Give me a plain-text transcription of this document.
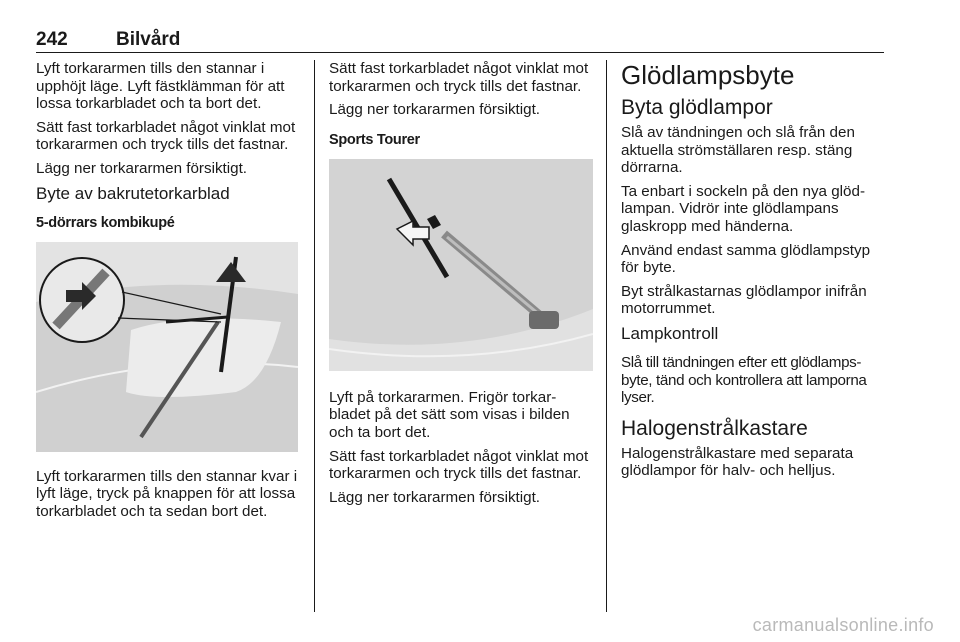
242	Bilvård

Lyft torkararmen tills den stannar i upphöjt läge. Lyft fästklämman för att lossa torkarbladet och ta bort det.

Sätt fast torkarbladet något vinklat mot torkararmen och tryck tills det fastnar.

Lägg ner torkararmen försiktigt.

Byte av bakrutetorkarblad
5-dörrars kombikupé

Lyft torkararmen tills den stannar kvar i lyft läge, tryck på knappen för att lossa torkarbladet och ta sedan bort det.

Sätt fast torkarbladet något vinklat mot torkararmen och tryck tills det fastnar.

Lägg ner torkararmen försiktigt.

Sports Tourer

Lyft på torkararmen. Frigör torkar-bladet på det sätt som visas i bilden och ta bort det.

Sätt fast torkarbladet något vinklat mot torkararmen och tryck tills det fastnar.

Lägg ner torkararmen försiktigt.

Glödlampsbyte
Byta glödlampor

Slå av tändningen och slå från den aktuella strömställaren resp. stäng dörrarna.

Ta enbart i sockeln på den nya glöd-lampan. Vidrör inte glödlampans glaskropp med händerna.

Använd endast samma glödlampstyp för byte.

Byt strålkastarnas glödlampor inifrån motorrummet.

Lampkontroll

Slå till tändningen efter ett glödlamps-byte, tänd och kontrollera att lamporna lyser.

Halogenstrålkastare

Halogenstrålkastare med separata glödlampor för halv- och helljus.

carmanualsonline.info
